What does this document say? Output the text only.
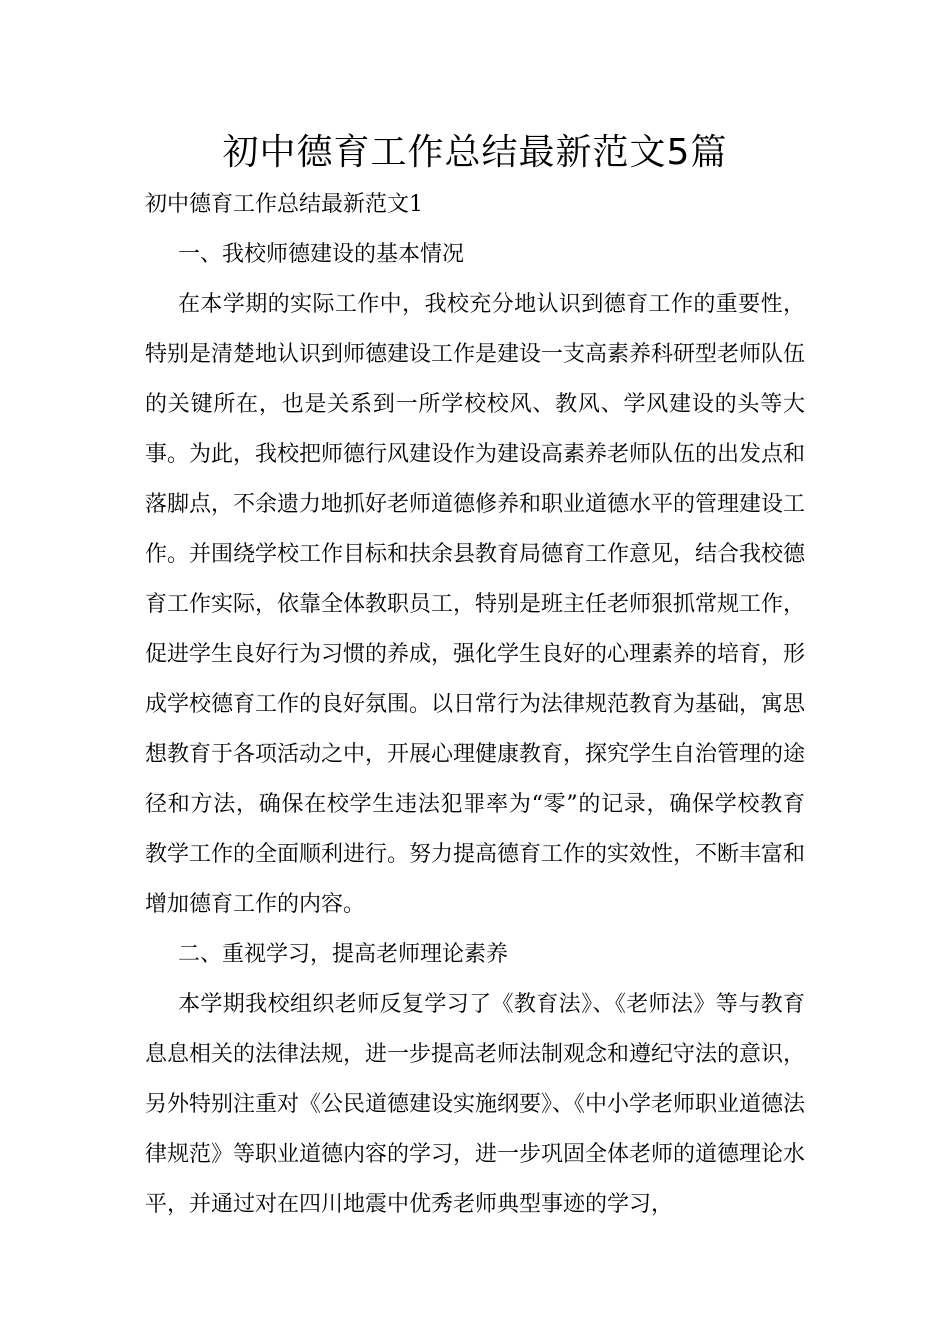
初中德育工作总结最新范文5篇

初中德育工作总结最新范文1

一、我校师德建设的基本情况

在本学期的实际工作中，我校充分地认识到德育工作的重要性，特别是清楚地认识到师德建设工作是建设一支高素养科研型老师队伍的关键所在，也是关系到一所学校校风、教风、学风建设的头等大事。为此，我校把师德行风建设作为建设高素养老师队伍的出发点和落脚点，不余遗力地抓好老师道德修养和职业道德水平的管理建设工作。并围绕学校工作目标和扶余县教育局德育工作意见，结合我校德育工作实际，依靠全体教职员工，特别是班主任老师狠抓常规工作，促进学生良好行为习惯的养成，强化学生良好的心理素养的培育，形成学校德育工作的良好氛围。以日常行为法律规范教育为基础，寓思想教育于各项活动之中，开展心理健康教育，探究学生自治管理的途径和方法，确保在校学生违法犯罪率为“零”的记录，确保学校教育教学工作的全面顺利进行。努力提高德育工作的实效性，不断丰富和增加德育工作的内容。

二、重视学习，提高老师理论素养

本学期我校组织老师反复学习了《教育法》、《老师法》等与教育息息相关的法律法规，进一步提高老师法制观念和遵纪守法的意识，另外特别注重对《公民道德建设实施纲要》、《中小学老师职业道德法律规范》等职业道德内容的学习，进一步巩固全体老师的道德理论水平，并通过对在四川地震中优秀老师典型事迹的学习，
